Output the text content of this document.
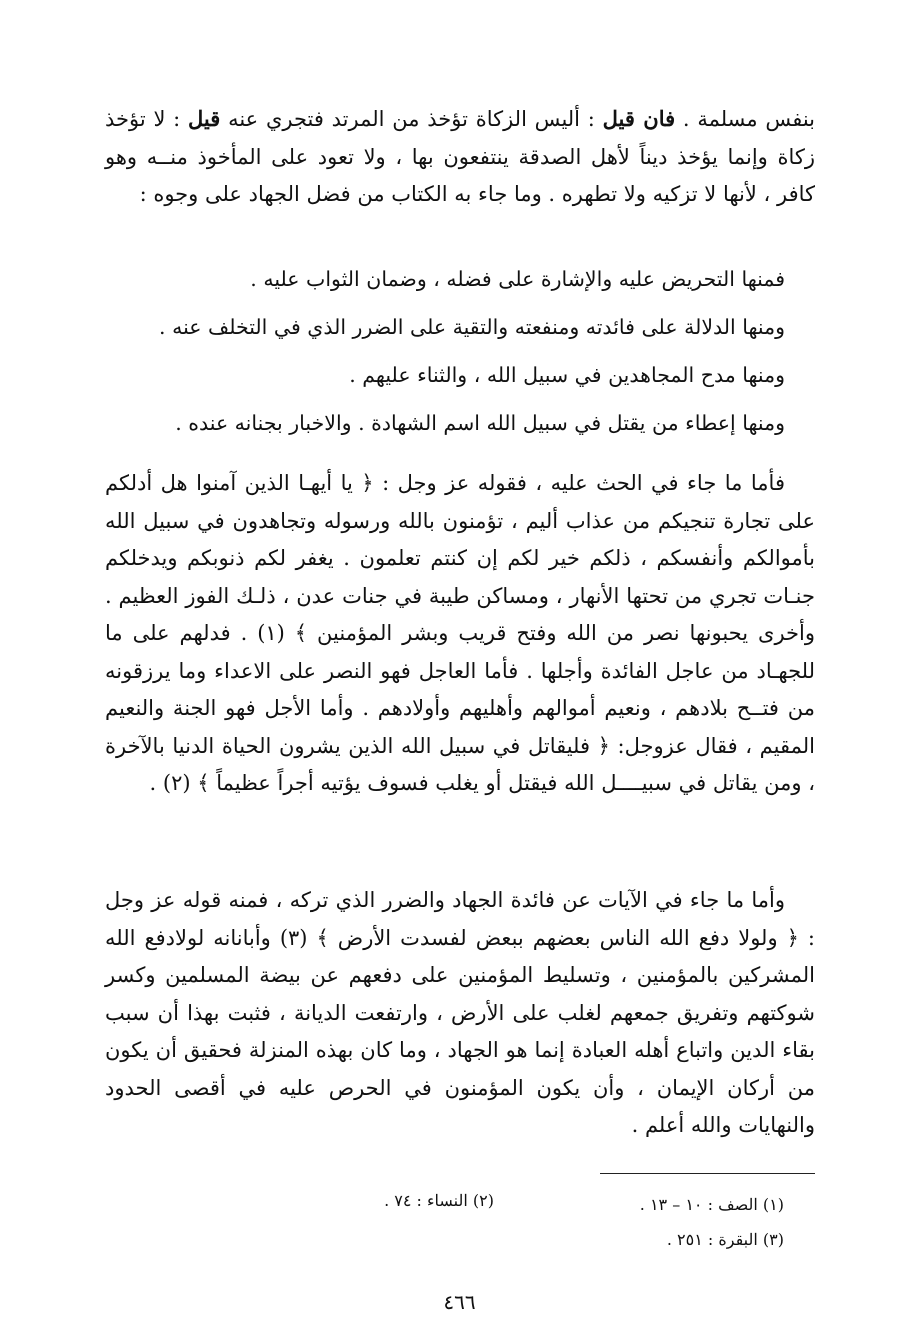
بنفس مسلمة . فان قيل : أليس الزكاة تؤخذ من المرتد فتجري عنه قيل : لا تؤخذ زكاة وإنما يؤخذ ديناً لأهل الصدقة ينتفعون بها ، ولا تعود على المأخوذ منــه وهو كافر ، لأنها لا تزكيه ولا تطهره . وما جاء به الكتاب من فضل الجهاد على وجوه :

فمنها التحريض عليه والإشارة على فضله ، وضمان الثواب عليه .

ومنها الدلالة على فائدته ومنفعته والتقية على الضرر الذي في التخلف عنه .

ومنها مدح المجاهدين في سبيل الله ، والثناء عليهم .

ومنها إعطاء من يقتل في سبيل الله اسم الشهادة . والاخبار بجنانه عنده .

فأما ما جاء في الحث عليه ، فقوله عز وجل : ﴿ يا أيهـا الذين آمنوا هل أدلكم على تجارة تنجيكم من عذاب أليم ، تؤمنون بالله ورسوله وتجاهدون في سبيل الله بأموالكم وأنفسكم ، ذلكم خير لكم إن كنتم تعلمون . يغفر لكم ذنوبكم ويدخلكم جنـات تجري من تحتها الأنهار ، ومساكن طيبة في جنات عدن ، ذلـك الفوز العظيم . وأخرى يحبونها نصر من الله وفتح قريب وبشر المؤمنين ﴾ (١) . فدلهم على ما للجهـاد من عاجل الفائدة وأجلها . فأما العاجل فهو النصر على الاعداء وما يرزقونه من فتــح بلادهم ، ونعيم أموالهم وأهليهم وأولادهم . وأما الأجل فهو الجنة والنعيم المقيم ، فقال عزوجل: ﴿ فليقاتل في سبيل الله الذين يشرون الحياة الدنيا بالآخرة ، ومن يقاتل في سبيــــل الله فيقتل أو يغلب فسوف يؤتيه أجراً عظيماً ﴾ (٢) .

وأما ما جاء في الآيات عن فائدة الجهاد والضرر الذي تركه ، فمنه قوله عز وجل : ﴿ ولولا دفع الله الناس بعضهم ببعض لفسدت الأرض ﴾ (٣) وأبانانه لولادفع الله المشركين بالمؤمنين ، وتسليط المؤمنين على دفعهم عن بيضة المسلمين وكسر شوكتهم وتفريق جمعهم لغلب على الأرض ، وارتفعت الديانة ، فثبت بهذا أن سبب بقاء الدين واتباع أهله العبادة إنما هو الجهاد ، وما كان بهذه المنزلة فحقيق أن يكون من أركان الإيمان ، وأن يكون المؤمنون في الحرص عليه في أقصى الحدود والنهايات والله أعلم .

(١) الصف : ١٠ – ١٣ .
(٢) النساء : ٧٤ .
(٣) البقرة : ٢٥١ .
٤٦٦
